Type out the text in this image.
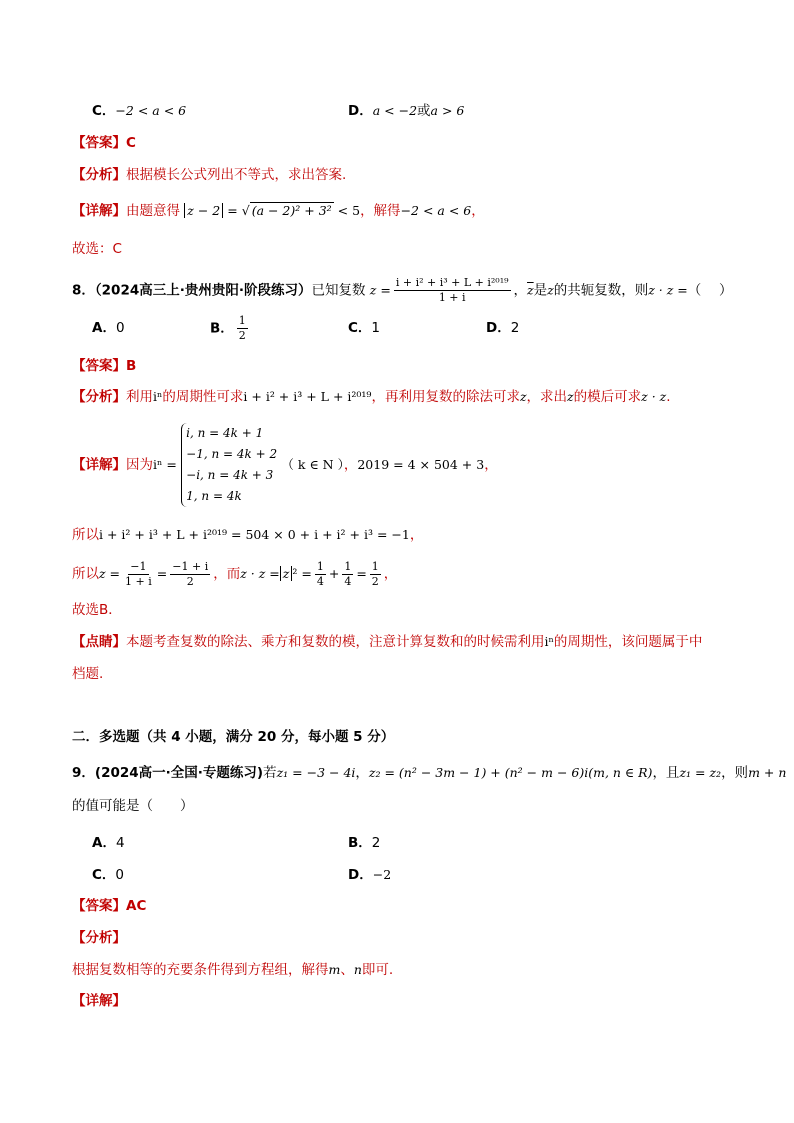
C．−2 < a < 6	D．a < −2或a > 6
【答案】C
【分析】根据模长公式列出不等式，求出答案.
【详解】由题意得 z − 2 = √ (a − 2)² + 3² < 5，解得−2 < a < 6，
故选：C
8．（2024高三上·贵州贵阳·阶段练习）已知复数 $z = \frac{\text{i + i² + i³ + L + i²⁰¹⁹}}{1 + i}$ ，$\overline{z}$是z的共轭复数，则z · z =（　 ）
A．0	B． $\frac{1}{2}$	C．1	D．2
【答案】B
【分析】利用iⁿ的周期性可求i + i² + i³ + L + i²⁰¹⁹，再利用复数的除法可求z，求出z的模后可求z · z.
【详解】因为iⁿ =
i, n = 4k + 1
−1, n = 4k + 2
−i, n = 4k + 3
1, n = 4k
（ k ∈ N ），2019 = 4 × 504 + 3，
所以i + i² + i³ + L + i²⁰¹⁹ = 504 × 0 + i + i² + i³ = −1，
所以$z = \frac{-1}{1 + i} = \frac{-1 + i}{2}$ ，而z · z = z $^2 = \frac{1}{4} + \frac{1}{4} = \frac{1}{2}$ ，
故选B．
【点睛】本题考查复数的除法、乘方和复数的模，注意计算复数和的时候需利用iⁿ的周期性，该问题属于中
档题.
二．多选题（共 4 小题，满分 20 分，每小题 5 分）
9．(2024高一·全国·专题练习)若z₁ = −3 − 4i，z₂ = (n² − 3m − 1) + (n² − m − 6)i(m, n ∈ R)，且z₁ = z₂，则m + n
的值可能是（　　）
A．4	B．2
C．0	D．−2
【答案】AC
【分析】
根据复数相等的充要条件得到方程组，解得m、n即可.
【详解】
